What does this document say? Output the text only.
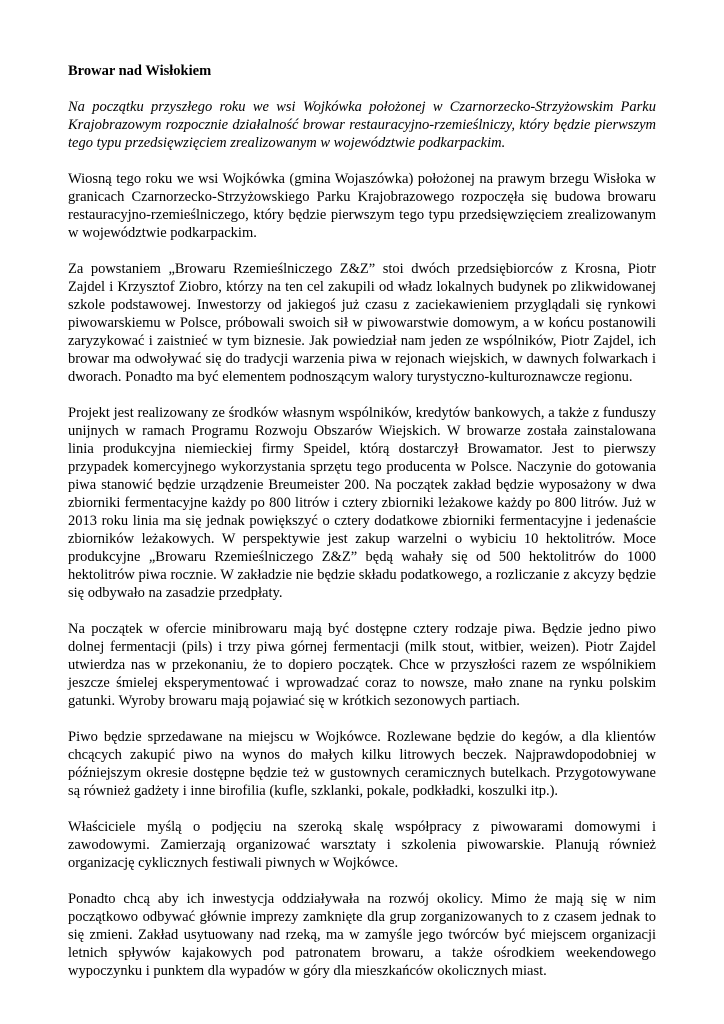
Browar nad Wisłokiem
Na początku przyszłego roku we wsi Wojkówka położonej w Czarnorzecko-Strzyżowskim Parku Krajobrazowym rozpocznie działalność browar restauracyjno-rzemieślniczy, który będzie pierwszym tego typu przedsięwzięciem zrealizowanym w województwie podkarpackim.
Wiosną tego roku we wsi Wojkówka (gmina Wojaszówka) położonej na prawym brzegu Wisłoka w granicach Czarnorzecko-Strzyżowskiego Parku Krajobrazowego rozpoczęła się budowa browaru restauracyjno-rzemieślniczego, który będzie pierwszym tego typu przedsięwzięciem zrealizowanym w województwie podkarpackim.
Za powstaniem „Browaru Rzemieślniczego Z&Z” stoi dwóch przedsiębiorców z Krosna, Piotr Zajdel i Krzysztof Ziobro, którzy na ten cel zakupili od władz lokalnych budynek po zlikwidowanej szkole podstawowej. Inwestorzy od jakiegoś już czasu z zaciekawieniem przyglądali się rynkowi piwowarskiemu w Polsce, próbowali swoich sił w piwowarstwie domowym, a w końcu postanowili zaryzykować i zaistnieć w tym biznesie. Jak powiedział nam jeden ze wspólników, Piotr Zajdel, ich browar ma odwoływać się do tradycji warzenia piwa w rejonach wiejskich, w dawnych folwarkach i dworach. Ponadto ma być elementem podnoszącym walory turystyczno-kulturoznawcze regionu.
Projekt jest realizowany ze środków własnym wspólników, kredytów bankowych, a także z funduszy unijnych w ramach Programu Rozwoju Obszarów Wiejskich. W browarze została zainstalowana linia produkcyjna niemieckiej firmy Speidel, którą dostarczył Browamator. Jest to pierwszy przypadek komercyjnego wykorzystania sprzętu tego producenta w Polsce. Naczynie do gotowania piwa stanowić będzie urządzenie Breumeister 200. Na początek zakład będzie wyposażony w dwa zbiorniki fermentacyjne każdy po 800 litrów i cztery zbiorniki leżakowe każdy po 800 litrów. Już w 2013 roku linia ma się jednak powiększyć o cztery dodatkowe zbiorniki fermentacyjne i jedenaście zbiorników leżakowych. W perspektywie jest zakup warzelni o wybiciu 10 hektolitrów. Moce produkcyjne „Browaru Rzemieślniczego Z&Z” będą wahały się od 500 hektolitrów do 1000 hektolitrów piwa rocznie. W zakładzie nie będzie składu podatkowego, a rozliczanie z akcyzy będzie się odbywało na zasadzie przedpłaty.
Na początek w ofercie minibrowaru mają być dostępne cztery rodzaje piwa. Będzie jedno piwo dolnej fermentacji (pils) i trzy piwa górnej fermentacji (milk stout, witbier, weizen). Piotr Zajdel utwierdza nas w przekonaniu, że to dopiero początek. Chce w przyszłości razem ze wspólnikiem jeszcze śmielej eksperymentować i wprowadzać coraz to nowsze, mało znane na rynku polskim gatunki. Wyroby browaru mają pojawiać się w krótkich sezonowych partiach.
Piwo będzie sprzedawane na miejscu w Wojkówce. Rozlewane będzie do kegów, a dla klientów chcących zakupić piwo na wynos do małych kilku litrowych beczek. Najprawdopodobniej w późniejszym okresie dostępne będzie też w gustownych ceramicznych butelkach. Przygotowywane są również gadżety i inne birofilia (kufle, szklanki, pokale, podkładki, koszulki itp.).
Właściciele myślą o podjęciu na szeroką skalę współpracy z piwowarami domowymi i zawodowymi. Zamierzają organizować warsztaty i szkolenia piwowarskie. Planują również organizację cyklicznych festiwali piwnych w Wojkówce.
Ponadto chcą aby ich inwestycja oddziaływała na rozwój okolicy. Mimo że mają się w nim początkowo odbywać głównie imprezy zamknięte dla grup zorganizowanych to z czasem jednak to się zmieni. Zakład usytuowany nad rzeką, ma w zamyśle jego twórców być miejscem organizacji letnich spływów kajakowych pod patronatem browaru, a także ośrodkiem weekendowego wypoczynku i punktem dla wypadów w góry dla mieszkańców okolicznych miast.
